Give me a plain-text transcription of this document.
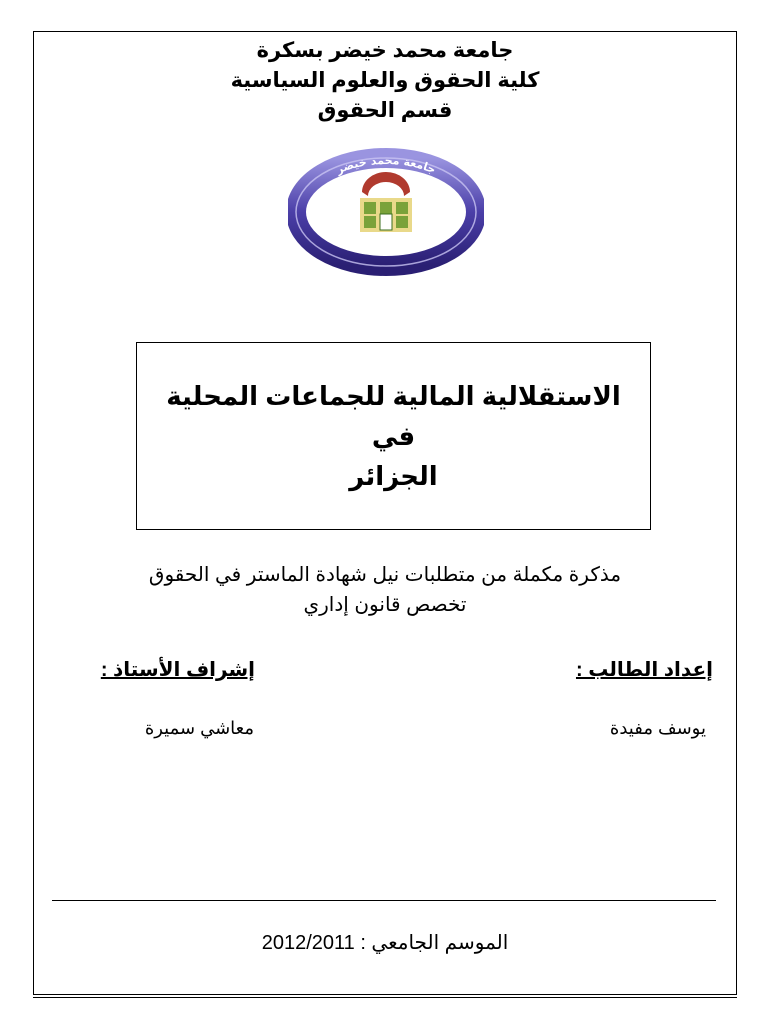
جامعة محمد خيضر بسكرة
كلية الحقوق والعلوم السياسية
قسم الحقوق
جامعة محمد خيضر
كلية الحقوق و العلوم السياسية
الاستقلالية المالية للجماعات المحلية في
الجزائر
مذكرة مكملة من متطلبات نيل شهادة الماستر في الحقوق
تخصص قانون إداري
إعداد الطالب :
إشراف الأستاذ :
يوسف مفيدة
معاشي سميرة
الموسم الجامعي : 2012/2011
